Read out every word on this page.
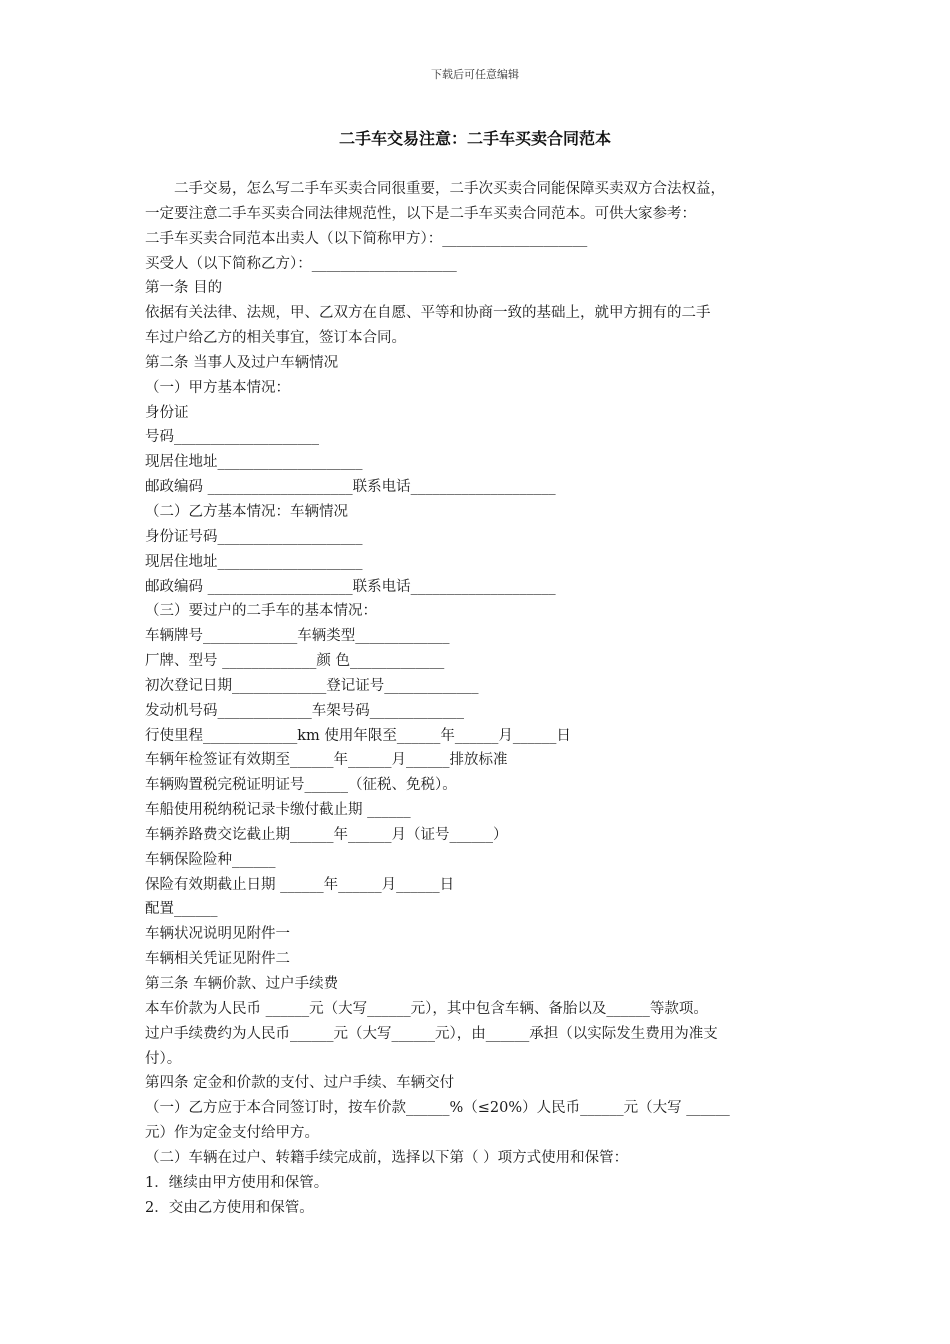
下载后可任意编辑
二手车交易注意：二手车买卖合同范本
二手交易，怎么写二手车买卖合同很重要，二手次买卖合同能保障买卖双方合法权益，
一定要注意二手车买卖合同法律规范性，以下是二手车买卖合同范本。可供大家参考：
二手车买卖合同范本出卖人（以下简称甲方）：____________________
买受人（以下简称乙方）：____________________
第一条 目的
依据有关法律、法规，甲、乙双方在自愿、平等和协商一致的基础上，就甲方拥有的二手
车过户给乙方的相关事宜，签订本合同。
第二条 当事人及过户车辆情况
（一）甲方基本情况：
身份证
号码____________________
现居住地址____________________
邮政编码 ____________________联系电话____________________
（二）乙方基本情况：车辆情况
身份证号码____________________
现居住地址____________________
邮政编码 ____________________联系电话____________________
（三）要过户的二手车的基本情况：
车辆牌号_____________车辆类型_____________
厂牌、型号 _____________颜 色_____________
初次登记日期_____________登记证号_____________
发动机号码_____________车架号码_____________
行使里程_____________km 使用年限至______年______月______日
车辆年检签证有效期至______年______月______排放标准
车辆购置税完税证明证号______（征税、免税）。
车船使用税纳税记录卡缴付截止期 ______
车辆养路费交讫截止期______年______月（证号______）
车辆保险险种______
保险有效期截止日期 ______年______月______日
配置______
车辆状况说明见附件一
车辆相关凭证见附件二
第三条 车辆价款、过户手续费
本车价款为人民币 ______元（大写______元），其中包含车辆、备胎以及______等款项。
过户手续费约为人民币______元（大写______元），由______承担（以实际发生费用为准支
付）。
第四条 定金和价款的支付、过户手续、车辆交付
（一）乙方应于本合同签订时，按车价款______%（≤20%）人民币______元（大写 ______
元）作为定金支付给甲方。
（二）车辆在过户、转籍手续完成前，选择以下第（ ）项方式使用和保管：
1．继续由甲方使用和保管。
2．交由乙方使用和保管。
